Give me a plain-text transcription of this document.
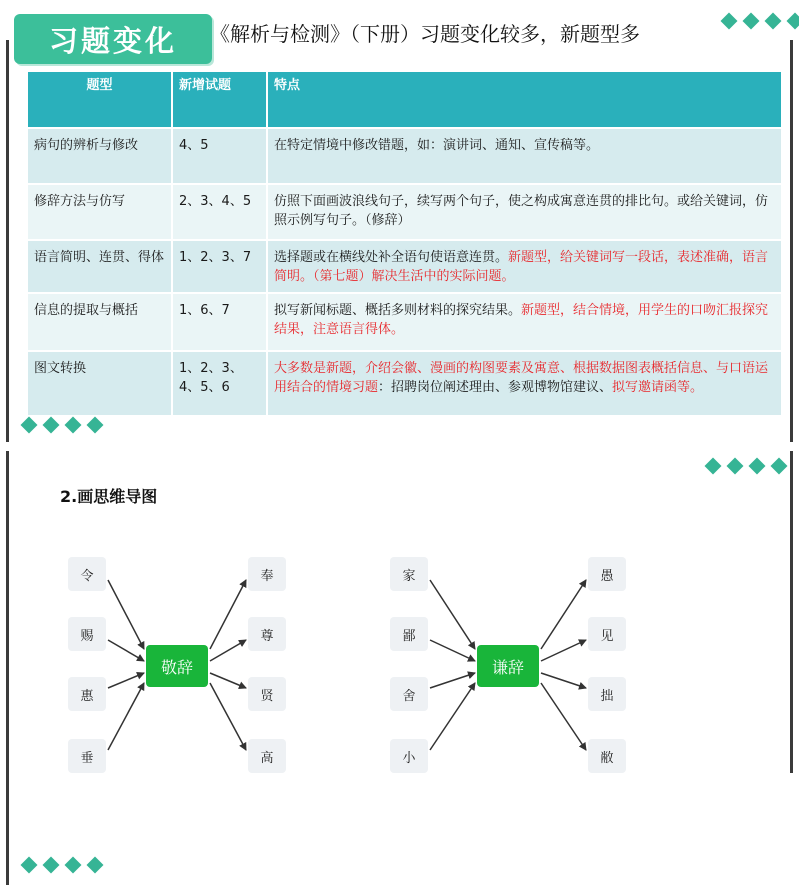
习题变化	《解析与检测》（下册）习题变化较多，新题型多
题型	新增试题	特点
病句的辨析与修改	4、5	在特定情境中修改错题，如：演讲词、通知、宣传稿等。
修辞方法与仿写	2、3、4、5	仿照下面画波浪线句子，续写两个句子，使之构成寓意连贯的排比句。或给关键词，仿照示例写句子。（修辞）
语言简明、连贯、得体	1、2、3、7	选择题或在横线处补全语句使语意连贯。新题型，给关键词写一段话，表述准确，语言简明。（第七题）解决生活中的实际问题。
信息的提取与概括	1、6、7	拟写新闻标题、概括多则材料的探究结果。新题型，结合情境，用学生的口吻汇报探究结果，注意语言得体。
图文转换	1、2、3、4、5、6	大多数是新题，介绍会徽、漫画的构图要素及寓意、根据数据图表概括信息、与口语运用结合的情境习题：招聘岗位阐述理由、参观博物馆建议、拟写邀请函等。
2.画思维导图
敬辞
令
赐
惠
垂
奉
尊
贤
高
谦辞
家
鄙
舍
小
愚
见
拙
敝
